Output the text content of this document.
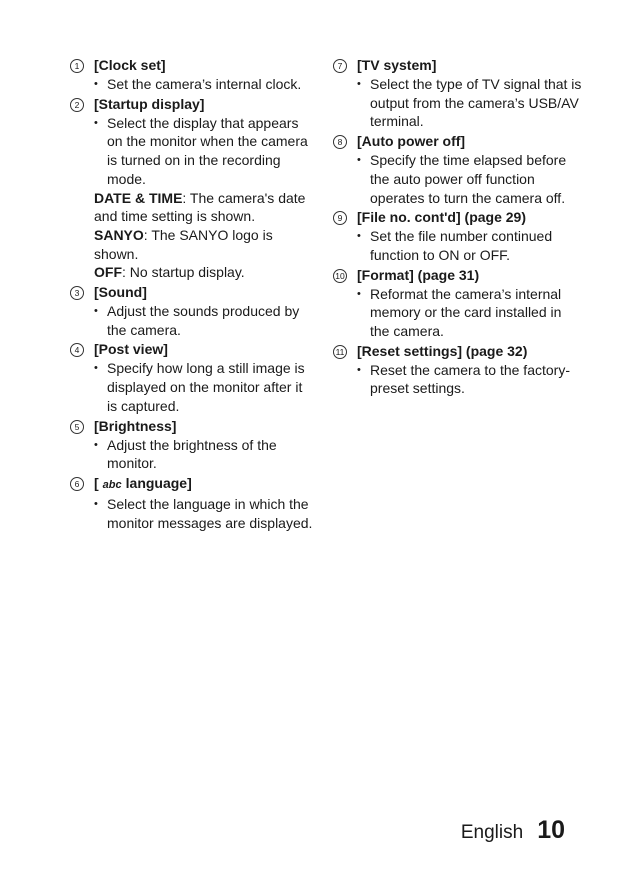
1	[Clock set]
• Set the camera’s internal clock.
2	[Startup display]
• Select the display that appears on the monitor when the camera is turned on in the recording mode.
DATE & TIME: The camera's date and time setting is shown.
SANYO: The SANYO logo is shown.
OFF: No startup display.
3	[Sound]
• Adjust the sounds produced by the camera.
4	[Post view]
• Specify how long a still image is displayed on the monitor after it is captured.
5	[Brightness]
• Adjust the brightness of the monitor.
6	[ abc language]
• Select the language in which the monitor messages are displayed.
7	[TV system]
• Select the type of TV signal that is output from the camera’s USB/AV terminal.
8	[Auto power off]
• Specify the time elapsed before the auto power off function operates to turn the camera off.
9	[File no. cont'd] (page 29)
• Set the file number continued function to ON or OFF.
10 [Format] (page 31)
• Reformat the camera’s internal memory or the card installed in the camera.
11 [Reset settings] (page 32)
• Reset the camera to the factory-preset settings.
English 10
